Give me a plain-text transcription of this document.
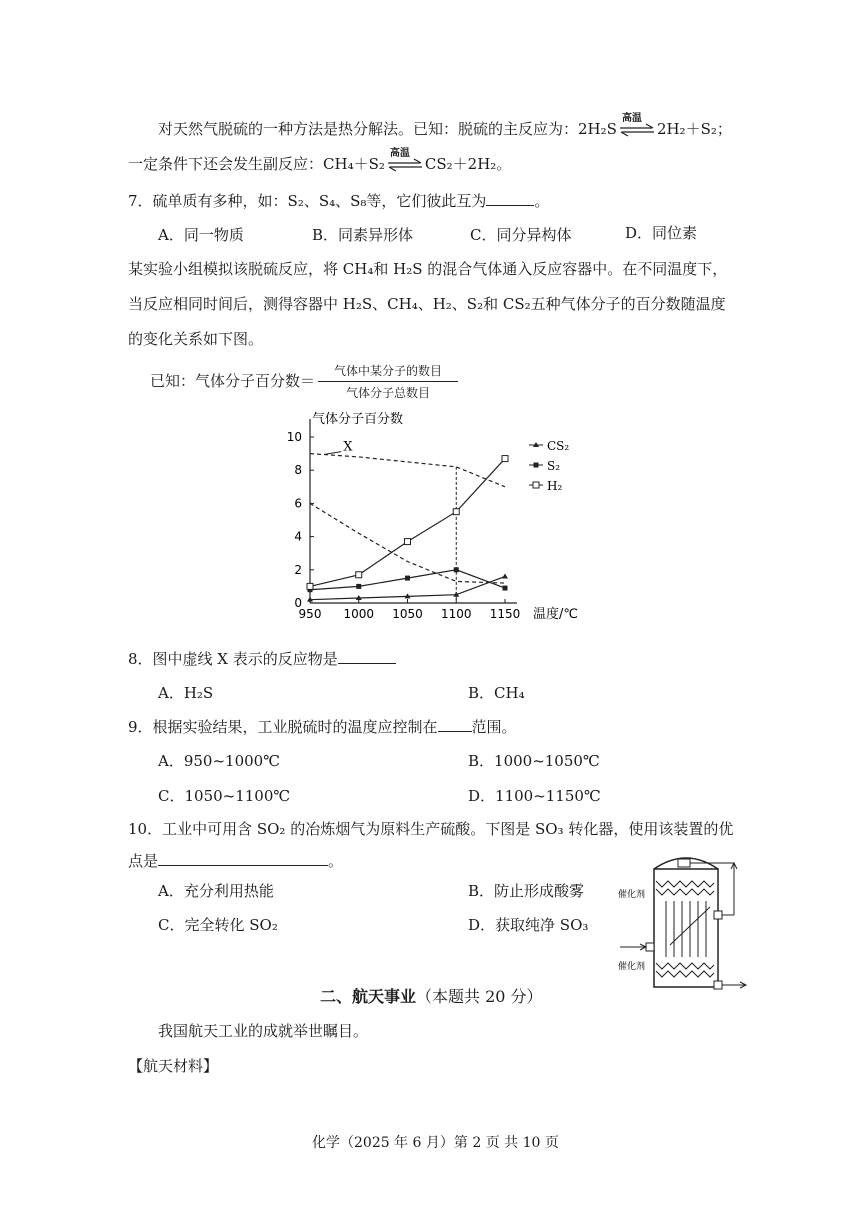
对天然气脱硫的一种方法是热分解法。已知：脱硫的主反应为：2H₂S
高温
2H₂＋S₂；
一定条件下还会发生副反应：CH₄＋S₂
高温
CS₂＋2H₂。
7．硫单质有多种，如：S₂、S₄、S₈等，它们彼此互为	。
A．同一物质	B．同素异形体	C．同分异构体	D．同位素
某实验小组模拟该脱硫反应，将 CH₄和 H₂S 的混合气体通入反应容器中。在不同温度下，
当反应相同时间后，测得容器中 H₂S、CH₄、H₂、S₂和 CS₂五种气体分子的百分数随温度
的变化关系如下图。
已知：气体分子百分数＝
气体中某分子的数目
气体分子总数目
气体分子百分数
温度/℃
0
2
4
6
8
10
950 1000 1050 1100 1150
X	CS₂
S₂
H₂
8．图中虚线 X 表示的反应物是
A．H₂S	B．CH₄
9．根据实验结果，工业脱硫时的温度应控制在 范围。
A．950~1000℃	B．1000~1050℃
C．1050~1100℃	D．1100~1150℃
10．工业中可用含 SO₂ 的冶炼烟气为原料生产硫酸。下图是 SO₃ 转化器，使用该装置的优
点是	。
A．充分利用热能	B．防止形成酸雾
C．完全转化 SO₂	D．获取纯净 SO₃
催化剂
催化剂
二、航天事业（本题共 20 分）
我国航天工业的成就举世瞩目。
【航天材料】
化学（2025 年 6 月）第 2 页 共 10 页
